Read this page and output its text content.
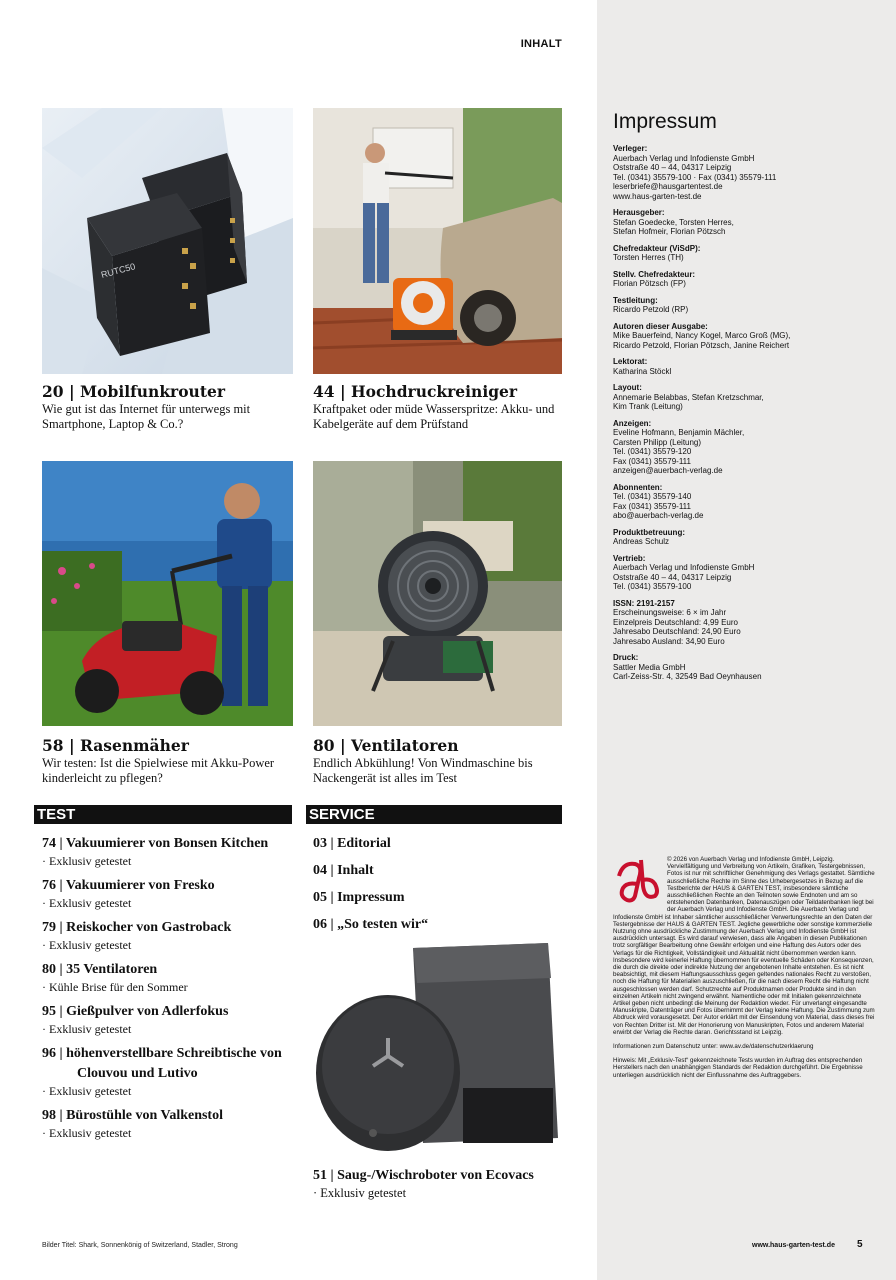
INHALT
RUTC50
20 | Mobilfunkrouter
Wie gut ist das Internet für unterwegs mit Smartphone, Laptop & Co.?
44 | Hochdruckreiniger
Kraftpaket oder müde Wasserspritze: Akku- und Kabelgeräte auf dem Prüfstand
58 | Rasenmäher
Wir testen: Ist die Spielwiese mit Akku-Power kinderleicht zu pflegen?
80 | Ventilatoren
Endlich Abkühlung! Von Windmaschine bis Nackengerät ist alles im Test
TEST
74 | Vakuumierer von Bonsen Kitchen
· Exklusiv getestet
76 | Vakuumierer von Fresko
· Exklusiv getestet
79 | Reiskocher von Gastroback
· Exklusiv getestet
80 | 35 Ventilatoren
· Kühle Brise für den Sommer
95 | Gießpulver von Adlerfokus
· Exklusiv getestet
96 | höhenverstellbare Schreibtische von Clouvou und Lutivo
· Exklusiv getestet
98 | Bürostühle von Valkenstol
· Exklusiv getestet
SERVICE
03 | Editorial
04 | Inhalt
05 | Impressum
06 | „So testen wir“
51 | Saug-/Wischroboter von Ecovacs
· Exklusiv getestet
Impressum
Verleger:
Auerbach Verlag und Infodienste GmbH
Oststraße 40 – 44, 04317 Leipzig
Tel. (0341) 35579-100 · Fax (0341) 35579-111
leserbriefe@hausgartentest.de
www.haus-garten-test.de
Herausgeber:
Stefan Goedecke, Torsten Herres,
Stefan Hofmeir, Florian Pötzsch
Chefredakteur (ViSdP):
Torsten Herres (TH)
Stellv. Chefredakteur:
Florian Pötzsch (FP)
Testleitung:
Ricardo Petzold (RP)
Autoren dieser Ausgabe:
Mike Bauerfeind, Nancy Kogel, Marco Groß (MG),
Ricardo Petzold, Florian Pötzsch, Janine Reichert
Lektorat:
Katharina Stöckl
Layout:
Annemarie Belabbas, Stefan Kretzschmar,
Kim Trank (Leitung)
Anzeigen:
Eveline Hofmann, Benjamin Mächler,
Carsten Philipp (Leitung)
Tel. (0341) 35579-120
Fax (0341) 35579-111
anzeigen@auerbach-verlag.de
Abonnenten:
Tel. (0341) 35579-140
Fax (0341) 35579-111
abo@auerbach-verlag.de
Produktbetreuung:
Andreas Schulz
Vertrieb:
Auerbach Verlag und Infodienste GmbH
Oststraße 40 – 44, 04317 Leipzig
Tel. (0341) 35579-100
ISSN: 2191-2157
Erscheinungsweise: 6 × im Jahr
Einzelpreis Deutschland: 4,99 Euro
Jahresabo Deutschland: 24,90 Euro
Jahresabo Ausland: 34,90 Euro
Druck:
Sattler Media GmbH
Carl-Zeiss-Str. 4, 32549 Bad Oeynhausen

© 2026 von Auerbach Verlag und Infodienste GmbH, Leipzig. Vervielfältigung und Verbreitung von Artikeln, Grafiken, Testergebnissen, Fotos ist nur mit schriftlicher Genehmigung des Verlags gestattet. Sämtliche ausschließliche Rechte im Sinne des Urhebergesetzes in Bezug auf die Testberichte der HAUS & GARTEN TEST, insbesondere sämtliche ausschließlichen Rechte an den Teilnoten sowie Endnoten und am so entstehenden Datenbanken, Datenauszügen oder Teildatenbanken liegt bei der Auerbach Verlag und Infodienste GmbH. Die Auerbach Verlag und Infodienste GmbH ist Inhaber sämtlicher ausschließlicher Verwertungsrechte an den Daten der Testergebnisse der HAUS & GARTEN TEST. Jegliche gewerbliche oder sonstige kommerzielle Nutzung ohne ausdrückliche Zustimmung der Auerbach Verlag und Infodienste GmbH ist ausdrücklich untersagt. Es wird darauf verwiesen, dass alle Angaben in diesen Publikationen trotz sorgfältiger Bearbeitung ohne Gewähr erfolgen und eine Haftung des Autors oder des Verlags für die Richtigkeit, Vollständigkeit und Aktualität nicht übernommen werden kann. Insbesondere wird keinerlei Haftung übernommen für eventuelle Schäden oder Konsequenzen, die durch die direkte oder indirekte Nutzung der angebotenen Inhalte entstehen. Es ist nicht beabsichtigt, mit diesem Haftungsausschluss gegen geltendes nationales Recht zu verstoßen, noch die Haftung für Materialien auszuschließen, für die nach diesem Recht die Haftung nicht ausgeschlossen werden darf. Schutzrechte auf Produktnamen oder Produkte sind in den einzelnen Artikeln nicht zwingend erwähnt. Namentliche oder mit Initialen gekennzeichnete Artikel geben nicht unbedingt die Meinung der Redaktion wieder. Für unverlangt eingesandte Manuskripte, Datenträger und Fotos übernimmt der Verlag keine Haftung. Die Zustimmung zum Abdruck wird vorausgesetzt. Der Autor erklärt mit der Einsendung von Material, dass dieses frei von Rechten Dritter ist. Mit der Honorierung von Manuskripten, Fotos und anderem Material erwirbt der Verlag die Rechte daran. Gerichtsstand ist Leipzig.

Informationen zum Datenschutz unter: www.av.de/datenschutzerklaerung

Hinweis: Mit „Exklusiv-Test“ gekennzeichnete Tests wurden im Auftrag des entsprechenden Herstellers nach den unabhängigen Standards der Redaktion durchgeführt. Die Ergebnisse unterliegen ausdrücklich nicht der Einflussnahme des Auftraggebers.

Bilder Titel: Shark, Sonnenkönig of Switzerland, Stadler, Strong	www.haus-garten-test.de 5
